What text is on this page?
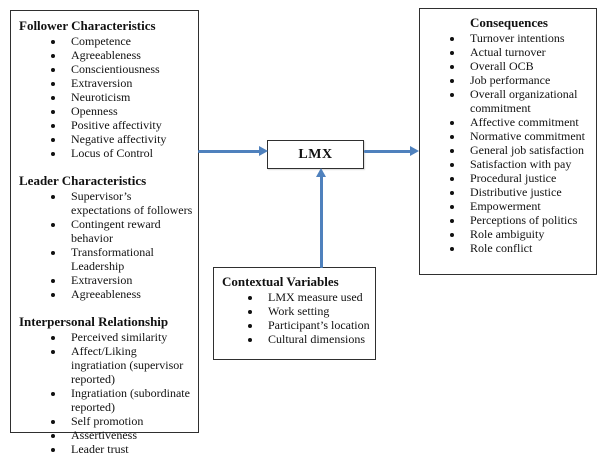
Follower Characteristics
• Competence
• Agreeableness
• Conscientiousness
• Extraversion
• Neuroticism
• Openness
• Positive affectivity
• Negative affectivity
• Locus of Control
Leader Characteristics
• Supervisor’s expectations of followers
• Contingent reward behavior
• Transformational Leadership
• Extraversion
• Agreeableness
Interpersonal Relationship
• Perceived similarity
• Affect/Liking ingratiation (supervisor reported)
• Ingratiation (subordinate reported)
• Self promotion
• Assertiveness
• Leader trust
LMX
Consequences
• Turnover intentions
• Actual turnover
• Overall OCB
• Job performance
• Overall organizational commitment
• Affective commitment
• Normative commitment
• General job satisfaction
• Satisfaction with pay
• Procedural justice
• Distributive justice
• Empowerment
• Perceptions of politics
• Role ambiguity
• Role conflict
Contextual Variables
• LMX measure used
• Work setting
• Participant’s location
• Cultural dimensions
